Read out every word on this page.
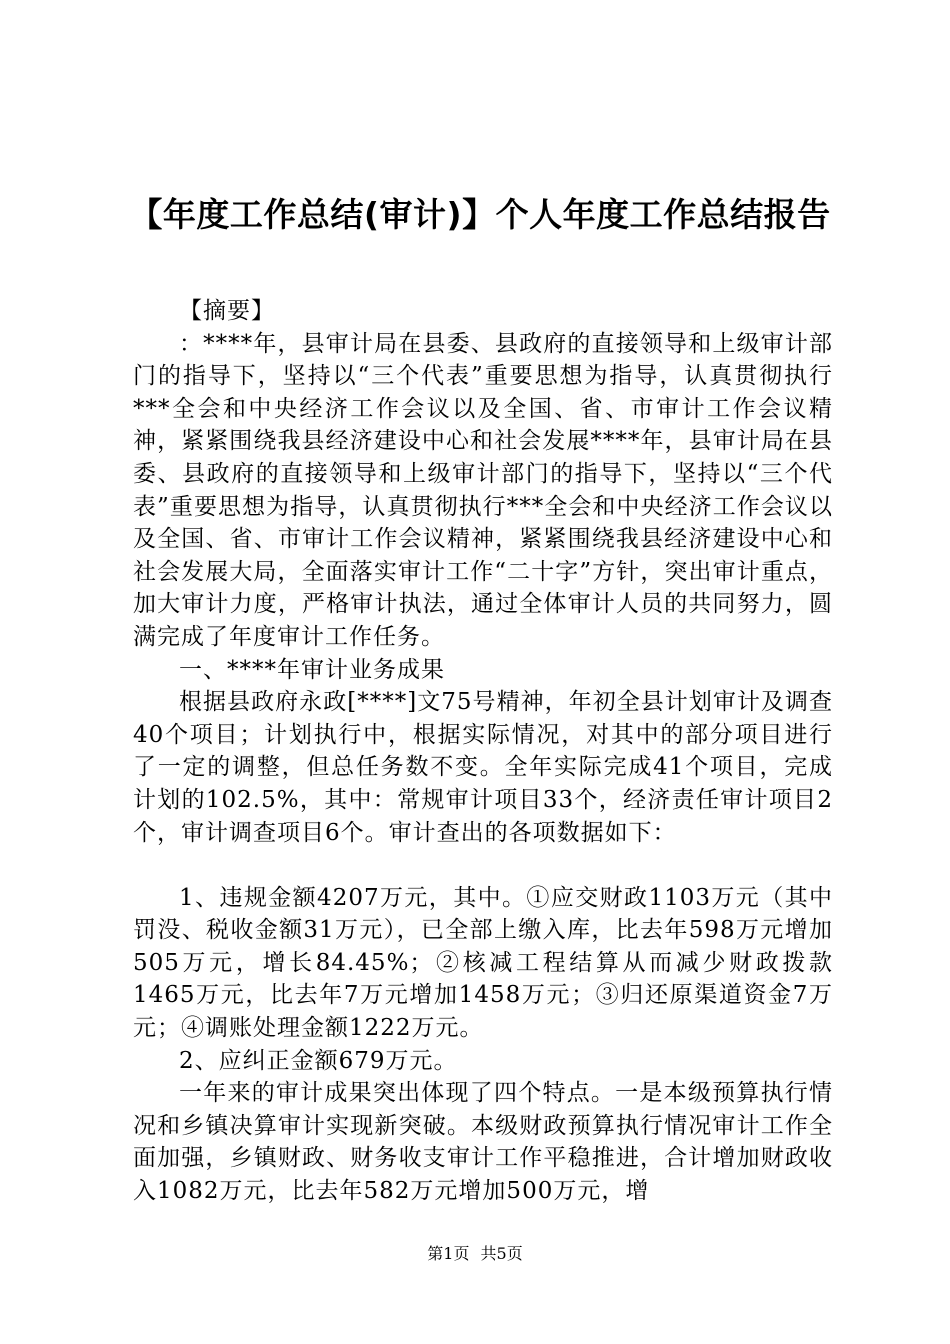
【年度工作总结(审计)】个人年度工作总结报告

【摘要】

：****年，县审计局在县委、县政府的直接领导和上级审计部门的指导下，坚持以“三个代表”重要思想为指导，认真贯彻执行***全会和中央经济工作会议以及全国、省、市审计工作会议精神，紧紧围绕我县经济建设中心和社会发展****年，县审计局在县委、县政府的直接领导和上级审计部门的指导下，坚持以“三个代表”重要思想为指导，认真贯彻执行***全会和中央经济工作会议以及全国、省、市审计工作会议精神，紧紧围绕我县经济建设中心和社会发展大局，全面落实审计工作“二十字”方针，突出审计重点，加大审计力度，严格审计执法，通过全体审计人员的共同努力，圆满完成了年度审计工作任务。

一、****年审计业务成果

根据县政府永政[****]文75号精神，年初全县计划审计及调查40个项目；计划执行中，根据实际情况，对其中的部分项目进行了一定的调整，但总任务数不变。全年实际完成41个项目，完成计划的102.5%，其中：常规审计项目33个，经济责任审计项目2个，审计调查项目6个。审计查出的各项数据如下：

1、违规金额4207万元，其中。①应交财政1103万元（其中罚没、税收金额31万元），已全部上缴入库，比去年598万元增加505万元，增长84.45%；②核减工程结算从而减少财政拨款1465万元，比去年7万元增加1458万元；③归还原渠道资金7万元；④调账处理金额1222万元。

2、应纠正金额679万元。

一年来的审计成果突出体现了四个特点。一是本级预算执行情况和乡镇决算审计实现新突破。本级财政预算执行情况审计工作全面加强，乡镇财政、财务收支审计工作平稳推进，合计增加财政收入1082万元，比去年582万元增加500万元，增

第1页 共5页
